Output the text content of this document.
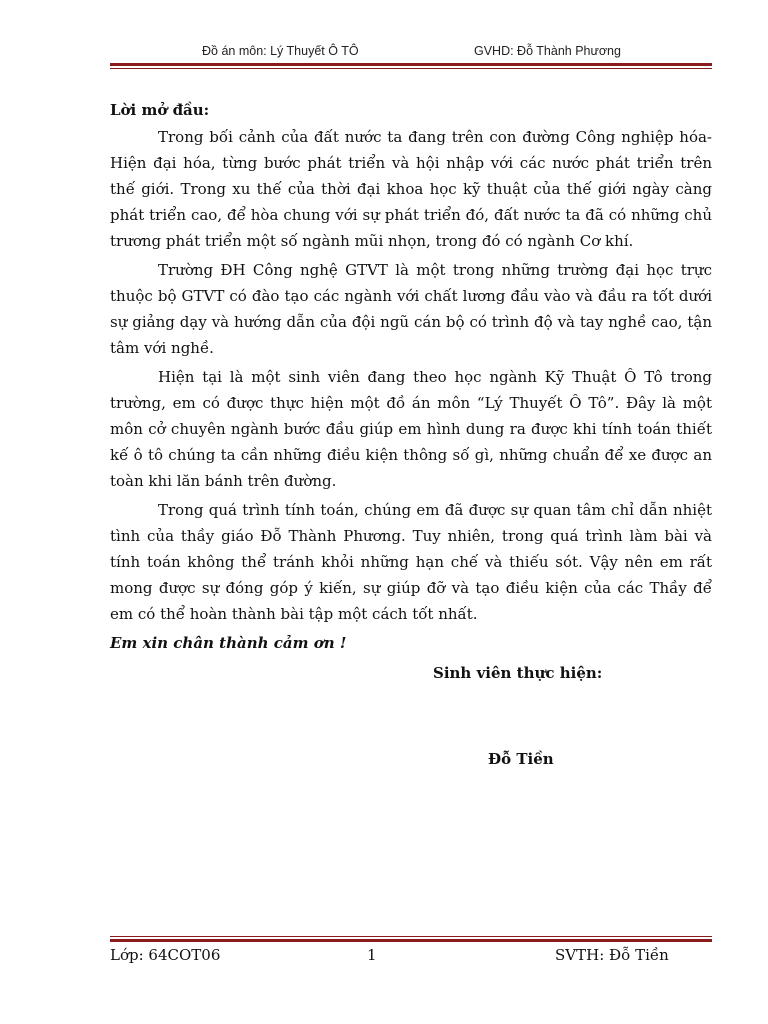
Đồ án môn: Lý Thuyết Ô TÔ	GVHD: Đỗ Thành Phương

Lời mở đầu:

Trong bối cảnh của đất nước ta đang trên con đường Công nghiệp hóa-Hiện đại hóa, từng bước phát triển và hội nhập với các nước phát triển trên thế giới. Trong xu thế của thời đại khoa học kỹ thuật của thế giới ngày càng phát triển cao, để hòa chung với sự phát triển đó, đất nước ta đã có những chủ trương phát triển một số ngành mũi nhọn, trong đó có ngành Cơ khí.

Trường ĐH Công nghệ GTVT là một trong những trường đại học trực thuộc bộ GTVT có đào tạo các ngành với chất lương đầu vào và đầu ra tốt dưới sự giảng dạy và hướng dẫn của đội ngũ cán bộ có trình độ và tay nghề cao, tận tâm với nghề.

Hiện tại là một sinh viên đang theo học ngành Kỹ Thuật Ô Tô trong trường, em có được thực hiện một đồ án môn “Lý Thuyết Ô Tô”. Đây là một môn cở chuyên ngành bước đầu giúp em hình dung ra được khi tính toán thiết kế ô tô chúng ta cần những điều kiện thông số gì, những chuẩn để xe được an toàn khi lăn bánh trên đường.

Trong quá trình tính toán, chúng em đã được sự quan tâm chỉ dẫn nhiệt tình của thầy giáo Đỗ Thành Phương. Tuy nhiên, trong quá trình làm bài và tính toán không thể tránh khỏi những hạn chế và thiếu sót. Vậy nên em rất mong được sự đóng góp ý kiến, sự giúp đỡ và tạo điều kiện của các Thầy để em có thể hoàn thành bài tập một cách tốt nhất.

Em xin chân thành cảm ơn !

Sinh viên thực hiện:
Đỗ Tiền
Lớp: 64COT06	1	SVTH: Đỗ Tiền
